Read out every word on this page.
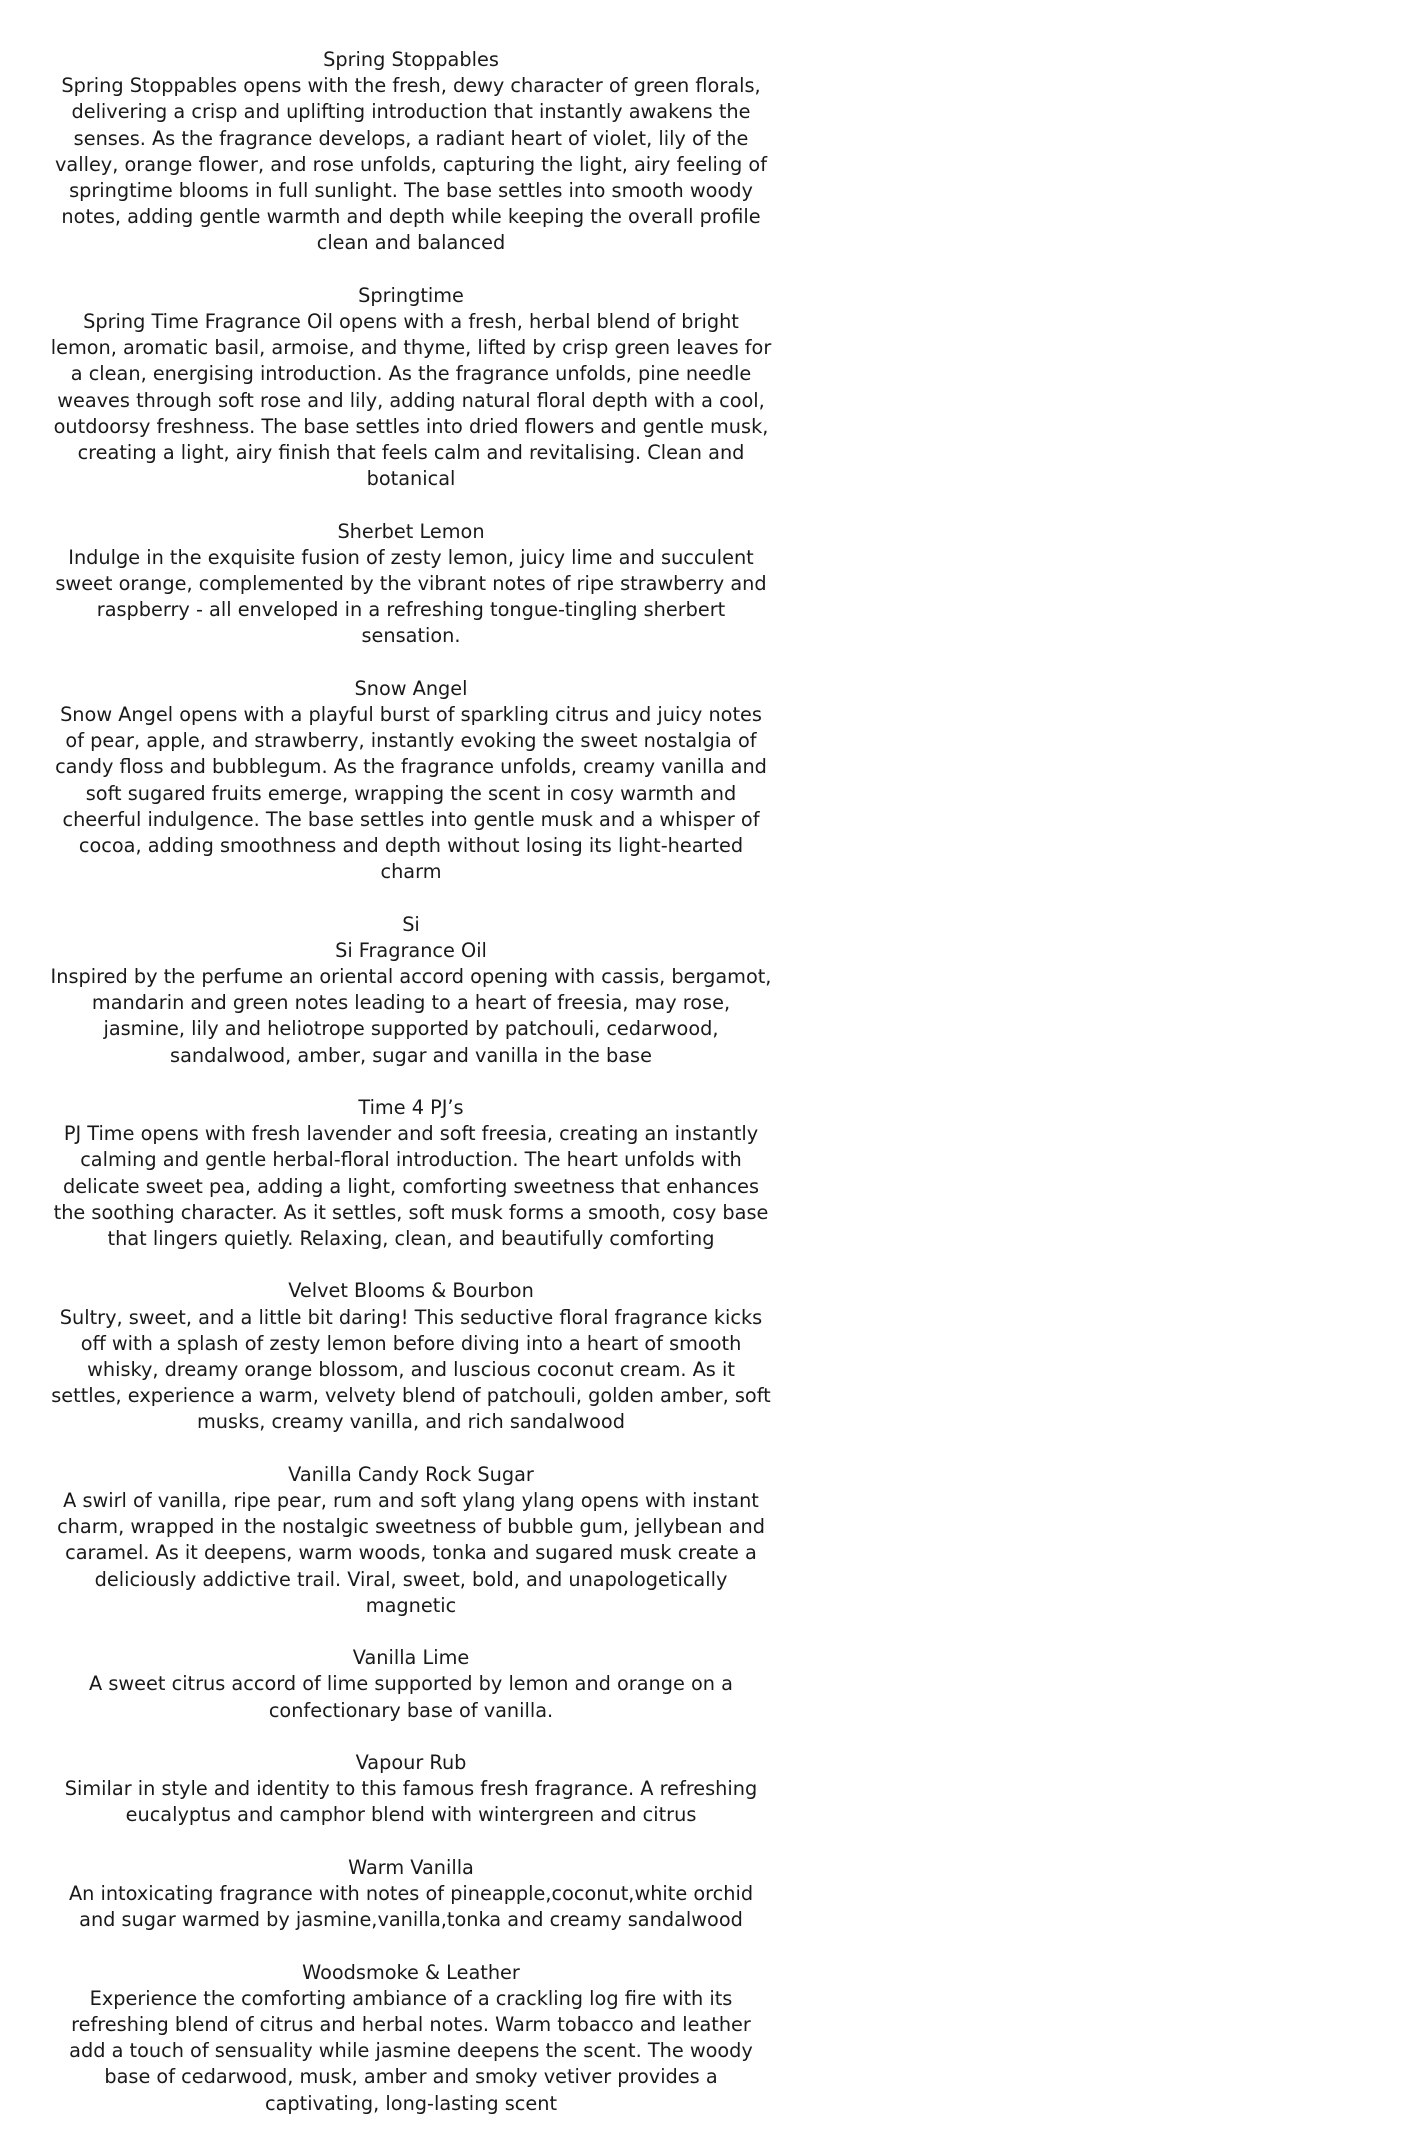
Spring Stoppables

Spring Stoppables opens with the fresh, dewy character of green florals, delivering a crisp and uplifting introduction that instantly awakens the senses. As the fragrance develops, a radiant heart of violet, lily of the valley, orange flower, and rose unfolds, capturing the light, airy feeling of springtime blooms in full sunlight. The base settles into smooth woody notes, adding gentle warmth and depth while keeping the overall profile clean and balanced

Springtime

Spring Time Fragrance Oil opens with a fresh, herbal blend of bright lemon, aromatic basil, armoise, and thyme, lifted by crisp green leaves for a clean, energising introduction. As the fragrance unfolds, pine needle weaves through soft rose and lily, adding natural floral depth with a cool, outdoorsy freshness. The base settles into dried flowers and gentle musk, creating a light, airy finish that feels calm and revitalising. Clean and botanical

Sherbet Lemon

Indulge in the exquisite fusion of zesty lemon, juicy lime and succulent sweet orange, complemented by the vibrant notes of ripe strawberry and raspberry - all enveloped in a refreshing tongue-tingling sherbert sensation.

Snow Angel

Snow Angel opens with a playful burst of sparkling citrus and juicy notes of pear, apple, and strawberry, instantly evoking the sweet nostalgia of candy floss and bubblegum. As the fragrance unfolds, creamy vanilla and soft sugared fruits emerge, wrapping the scent in cosy warmth and cheerful indulgence. The base settles into gentle musk and a whisper of cocoa, adding smoothness and depth without losing its light-hearted charm

Si

Si Fragrance Oil

Inspired by the perfume an oriental accord opening with cassis, bergamot, mandarin and green notes leading to a heart of freesia, may rose, jasmine, lily and heliotrope supported by patchouli, cedarwood, sandalwood, amber, sugar and vanilla in the base

Time 4 PJ’s

PJ Time opens with fresh lavender and soft freesia, creating an instantly calming and gentle herbal-floral introduction. The heart unfolds with delicate sweet pea, adding a light, comforting sweetness that enhances the soothing character. As it settles, soft musk forms a smooth, cosy base that lingers quietly. Relaxing, clean, and beautifully comforting

Velvet Blooms & Bourbon

Sultry, sweet, and a little bit daring! This seductive floral fragrance kicks off with a splash of zesty lemon before diving into a heart of smooth whisky, dreamy orange blossom, and luscious coconut cream. As it settles, experience a warm, velvety blend of patchouli, golden amber, soft musks, creamy vanilla, and rich sandalwood

Vanilla Candy Rock Sugar

A swirl of vanilla, ripe pear, rum and soft ylang ylang opens with instant charm, wrapped in the nostalgic sweetness of bubble gum, jellybean and caramel. As it deepens, warm woods, tonka and sugared musk create a deliciously addictive trail. Viral, sweet, bold, and unapologetically magnetic

Vanilla Lime

A sweet citrus accord of lime supported by lemon and orange on a confectionary base of vanilla.

Vapour Rub

Similar in style and identity to this famous fresh fragrance. A refreshing eucalyptus and camphor blend with wintergreen and citrus

Warm Vanilla

An intoxicating fragrance with notes of pineapple,coconut,white orchid and sugar warmed by jasmine,vanilla,tonka and creamy sandalwood

Woodsmoke & Leather

Experience the comforting ambiance of a crackling log fire with its refreshing blend of citrus and herbal notes. Warm tobacco and leather add a touch of sensuality while jasmine deepens the scent. The woody base of cedarwood, musk, amber and smoky vetiver provides a captivating, long-lasting scent
